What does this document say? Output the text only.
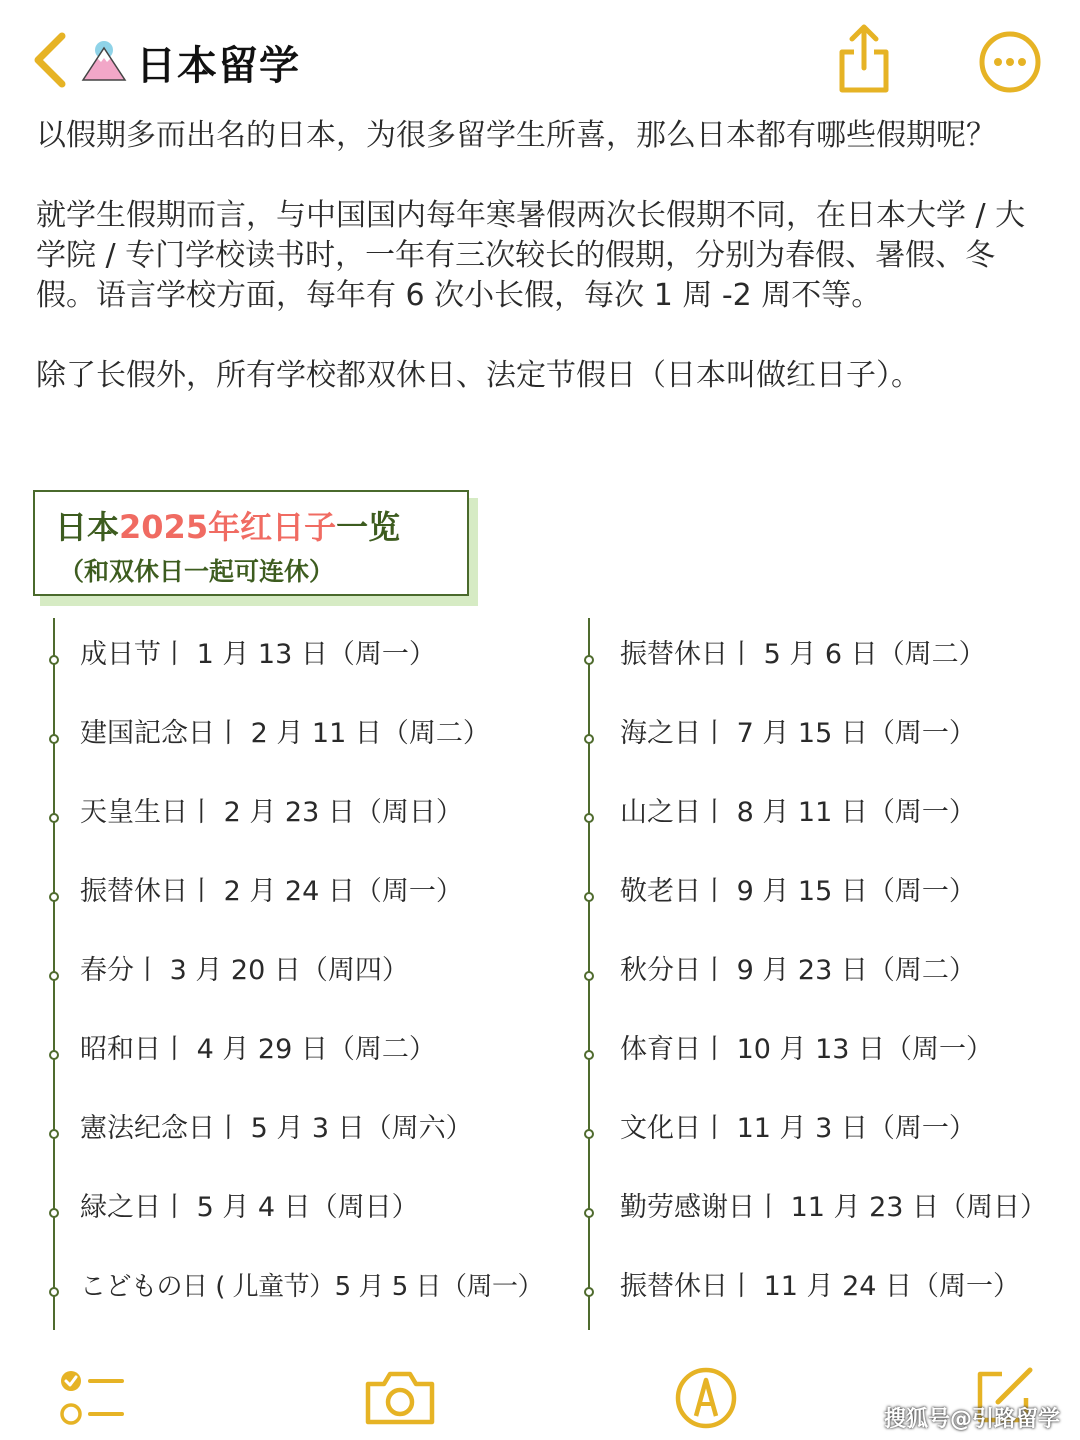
日本留学

以假期多而出名的日本，为很多留学生所喜，那么日本都有哪些假期呢？

就学生假期而言，与中国国内每年寒暑假两次长假期不同，在日本大学 / 大学院 / 专门学校读书时，一年有三次较长的假期，分别为春假、暑假、冬假。语言学校方面，每年有 6 次小长假，每次 1 周 -2 周不等。

除了长假外，所有学校都双休日、法定节假日（日本叫做红日子）。

日本2025年红日子一览
（和双休日一起可连休）
成日节丨 1 月 13 日（周一）
建国記念日丨 2 月 11 日（周二）
天皇生日丨 2 月 23 日（周日）
振替休日丨 2 月 24 日（周一）
春分丨 3 月 20 日（周四）
昭和日丨 4 月 29 日（周二）
憲法纪念日丨 5 月 3 日（周六）
緑之日丨 5 月 4 日（周日）
こどもの日 ( 儿童节）5 月 5 日（周一）
振替休日丨 5 月 6 日（周二）
海之日丨 7 月 15 日（周一）
山之日丨 8 月 11 日（周一）
敬老日丨 9 月 15 日（周一）
秋分日丨 9 月 23 日（周二）
体育日丨 10 月 13 日（周一）
文化日丨 11 月 3 日（周一）
勤劳感谢日丨 11 月 23 日（周日）
振替休日丨 11 月 24 日（周一）
搜狐号@引路留学
